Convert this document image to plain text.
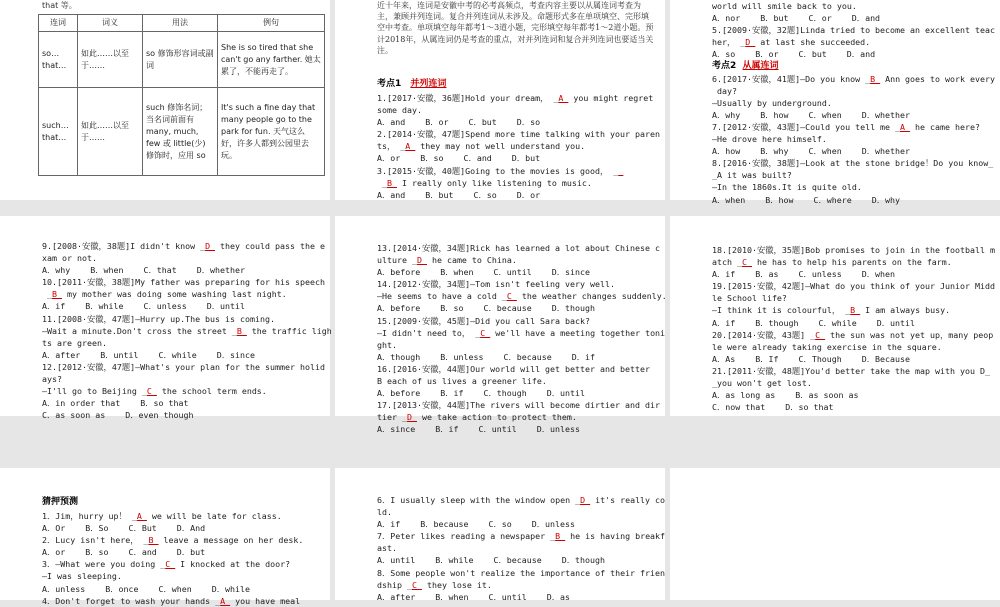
that 等。
连词	词义	用法	例句
so…that…	如此……以至于……	so 修饰形容词或副词	She is so tired that she can't go any farther. 她太累了，不能再走了。
such…that…	如此……以至于……	such 修饰名词；当名词前面有 many, much, few 或 little(少) 修饰时，应用 so	It's such a fine day that many people go to the park for fun. 天气这么好，许多人都到公园里去玩。
近十年来，连词是安徽中考的必考高频点，考查内容主要以从属连词考查为主，兼顾并列连词。复合并列连词从未涉及。命题形式多在单项填空、完形填空中考查。单项填空每年都考1～3道小题，完形填空每年都考1～2道小题。预计2018年，从属连词仍是考查的重点，对并列连词和复合并列连词也要适当关注。
考点1 并列连词
1.[2017·安徽，36题]Hold your dream， _A_ you might regret
some day.
A．and    B．or    C．but    D．so
2.[2014·安徽，47题]Spend more time talking with your paren
ts， _A_ they may not well understand you.
A．or    B．so    C．and    D．but
3.[2015·安徽，40题]Going to the movies is good， __
_B_ I really only like listening to music.
A．and    B．but    C．so    D．or
world will smile back to you.
A．nor    B．but    C．or    D．and
5.[2009·安徽，32题]Linda tried to become an excellent teac
her， _D_ at last she succeeded.
A．so    B．or    C．but    D．and
考点2  从属连词
6.[2017·安徽，41题]—Do you know _B_ Ann goes to work every
day?
—Usually by underground.
A．why    B．how    C．when    D．whether
7.[2012·安徽，43题]—Could you tell me _A_ he came here?
—He drove here himself.
A．how    B．why    C．when    D．whether
8.[2016·安徽，38题]—Look at the stone bridge！Do you know_
_A it was built?
—In the 1860s.It is quite old.
A．when    B．how    C．where    D．why
9.[2008·安徽，38题]I didn't know _D_ they could pass the e
xam or not.
A．why    B．when    C．that    D．whether
10.[2011·安徽，38题]My father was preparing for his speech
_B_ my mother was doing some washing last night.
A．if    B．while    C．unless    D．until
11.[2008·安徽，47题]—Hurry up.The bus is coming.
—Wait a minute.Don't cross the street _B_ the traffic ligh
ts are green.
A．after    B．until    C．while    D．since
12.[2012·安徽，47题]—What's your plan for the summer holid
ays?
—I'll go to Beijing _C_ the school term ends.
A．in order that    B．so that
C．as soon as    D．even though
13.[2014·安徽，34题]Rick has learned a lot about Chinese c
ulture _D_ he came to China.
A．before    B．when    C．until    D．since
14.[2012·安徽，34题]—Tom isn't feeling very well.
—He seems to have a cold _C_ the weather changes suddenly.
A．before    B．so    C．because    D．though
15.[2009·安徽，45题]—Did you call Sara back?
—I didn't need to， _C_ we'll have a meeting together toni
ght.
A．though    B．unless    C．because    D．if
16.[2016·安徽，44题]Our world will get better and better
B each of us lives a greener life.
A．before    B．if    C．though    D．until
17.[2013·安徽，44题]The rivers will become dirtier and dir
tier _D_ we take action to protect them.
A．since    B．if    C．until    D．unless
18.[2010·安徽，35题]Bob promises to join in the football m
atch _C_ he has to help his parents on the farm.
A．if    B．as    C．unless    D．when
19.[2015·安徽，42题]—What do you think of your Junior Midd
le School life?
—I think it is colourful， _B_ I am always busy.
A．if    B．though    C．while    D．until
20.[2014·安徽，43题] _C_ the sun was not yet up，many peop
le were already taking exercise in the square.
A．As    B．If    C．Though    D．Because
21.[2011·安徽，48题]You'd better take the map with you D_
_you won't get lost.
A．as long as    B．as soon as
C．now that    D．so that
猜押预测
1．Jim，hurry up！ _A_ we will be late for class.
A．Or    B．So    C．But    D．And
2．Lucy isn't here， _B_ leave a message on her desk.
A．or    B．so    C．and    D．but
3．—What were you doing _C_ I knocked at the door?
—I was sleeping.
A．unless    B．once    C．when    D．while
4．Don't forget to wash your hands _A_ you have meal
6．I usually sleep with the window open _D_ it's really co
ld.
A．if    B．because    C．so    D．unless
7．Peter likes reading a newspaper _B_ he is having breakf
ast.
A．until    B．while    C．because    D．though
8．Some people won't realize the importance of their frien
dship _C_ they lose it.
A．after    B．when    C．until    D．as
